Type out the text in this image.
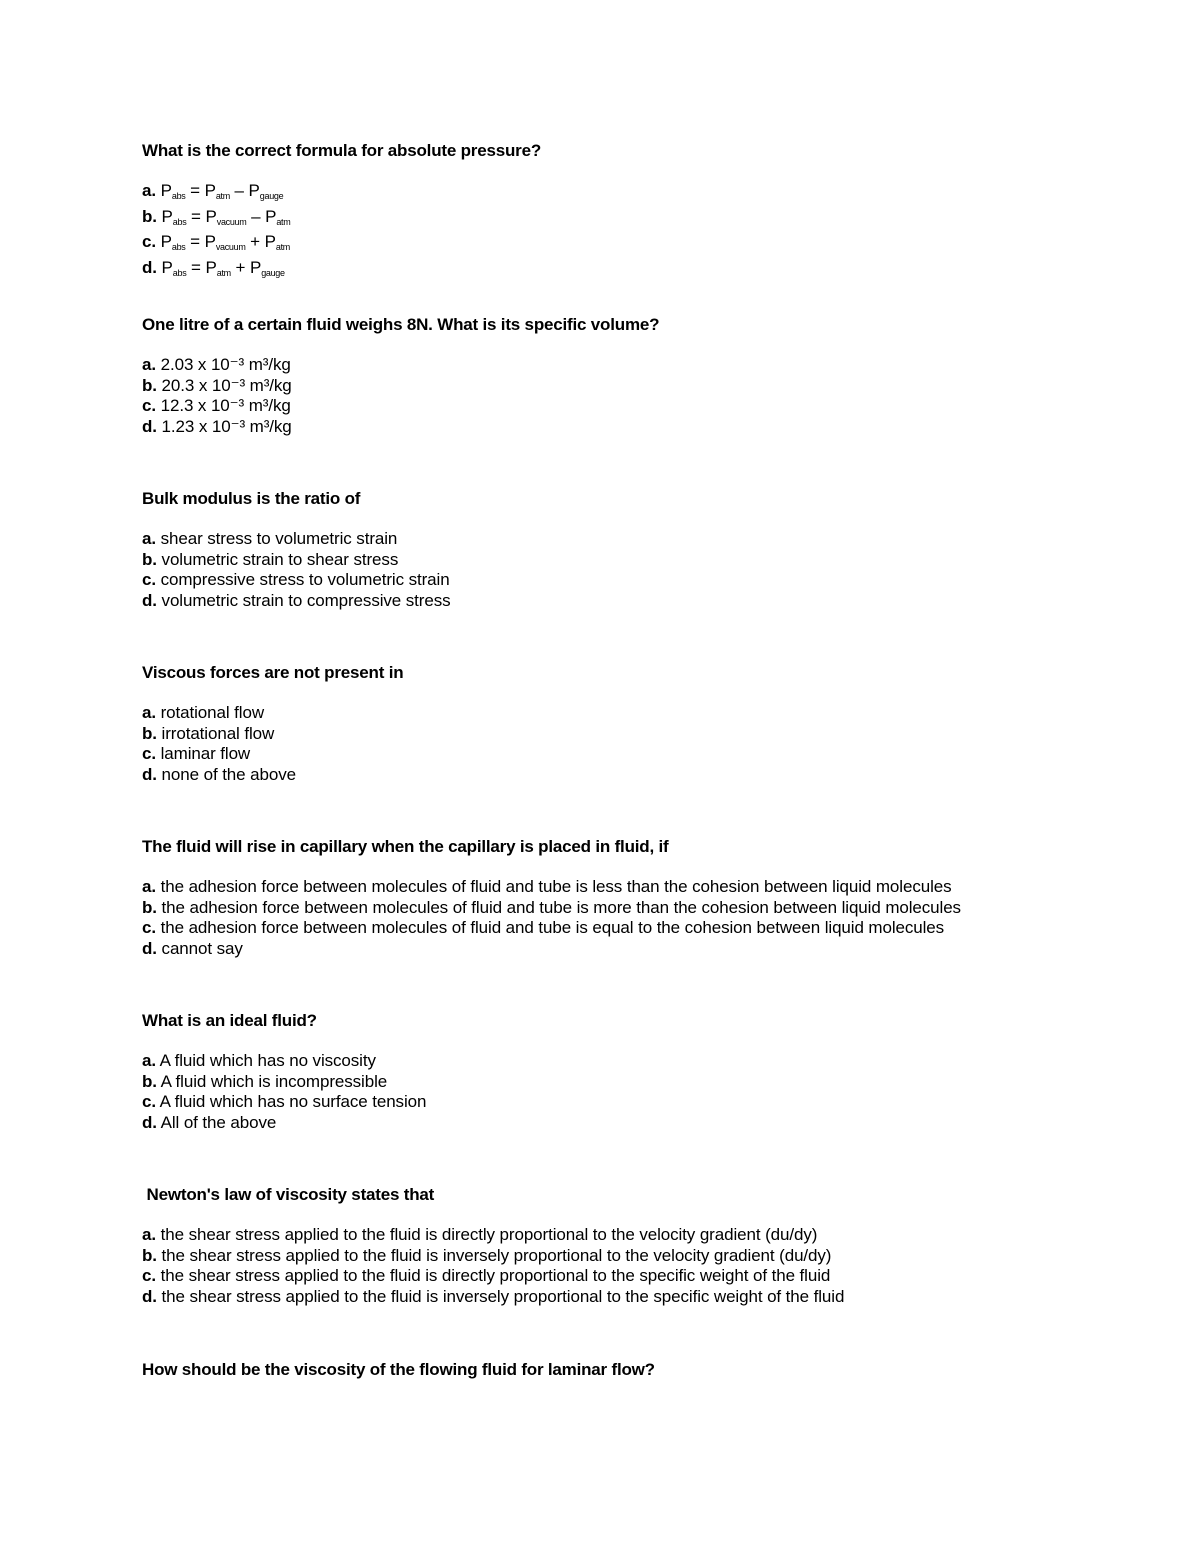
What is the correct formula for absolute pressure?

a. $P_{abs} = P_{atm} - P_{gauge}$
b. $P_{abs} = P_{vacuum} - P_{atm}$
c. $P_{abs} = P_{vacuum} + P_{atm}$
d. $P_{abs} = P_{atm} + P_{gauge}$

One litre of a certain fluid weighs 8N. What is its specific volume?

a. 2.03 x 10⁻³ m³/kg
b. 20.3 x 10⁻³ m³/kg
c. 12.3 x 10⁻³ m³/kg
d. 1.23 x 10⁻³ m³/kg

Bulk modulus is the ratio of

a. shear stress to volumetric strain
b. volumetric strain to shear stress
c. compressive stress to volumetric strain
d. volumetric strain to compressive stress

Viscous forces are not present in

a. rotational flow
b. irrotational flow
c. laminar flow
d. none of the above

The fluid will rise in capillary when the capillary is placed in fluid, if

a. the adhesion force between molecules of fluid and tube is less than the cohesion between liquid molecules
b. the adhesion force between molecules of fluid and tube is more than the cohesion between liquid molecules
c. the adhesion force between molecules of fluid and tube is equal to the cohesion between liquid molecules
d. cannot say

What is an ideal fluid?

a. A fluid which has no viscosity
b. A fluid which is incompressible
c. A fluid which has no surface tension
d. All of the above

Newton's law of viscosity states that

a. the shear stress applied to the fluid is directly proportional to the velocity gradient (du/dy)
b. the shear stress applied to the fluid is inversely proportional to the velocity gradient (du/dy)
c. the shear stress applied to the fluid is directly proportional to the specific weight of the fluid
d. the shear stress applied to the fluid is inversely proportional to the specific weight of the fluid

How should be the viscosity of the flowing fluid for laminar flow?
